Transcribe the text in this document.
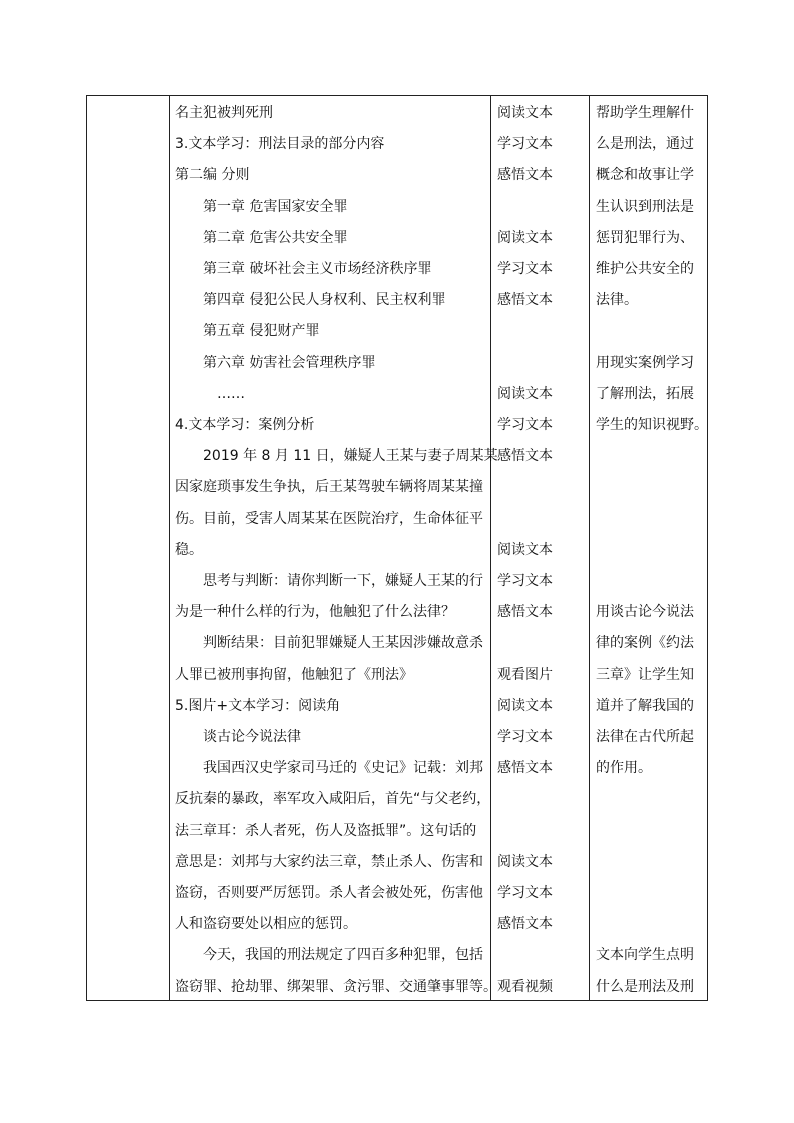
名主犯被判死刑
3.文本学习：刑法目录的部分内容
第二编 分则
第一章 危害国家安全罪
第二章 危害公共安全罪
第三章 破坏社会主义市场经济秩序罪
第四章 侵犯公民人身权利、民主权利罪
第五章 侵犯财产罪
第六章 妨害社会管理秩序罪
……
4.文本学习：案例分析
2019 年 8 月 11 日，嫌疑人王某与妻子周某某
因家庭琐事发生争执，后王某驾驶车辆将周某某撞
伤。目前，受害人周某某在医院治疗，生命体征平
稳。
思考与判断：请你判断一下，嫌疑人王某的行
为是一种什么样的行为，他触犯了什么法律？
判断结果：目前犯罪嫌疑人王某因涉嫌故意杀
人罪已被刑事拘留，他触犯了《刑法》
5.图片+文本学习：阅读角
谈古论今说法律
我国西汉史学家司马迁的《史记》记载：刘邦
反抗秦的暴政，率军攻入咸阳后，首先“与父老约，
法三章耳：杀人者死，伤人及盗抵罪”。这句话的
意思是：刘邦与大家约法三章，禁止杀人、伤害和
盗窃，否则要严厉惩罚。杀人者会被处死，伤害他
人和盗窃要处以相应的惩罚。
今天，我国的刑法规定了四百多种犯罪，包括
盗窃罪、抢劫罪、绑架罪、贪污罪、交通肇事罪等。
阅读文本
学习文本
感悟文本
阅读文本
学习文本
感悟文本
阅读文本
学习文本
感悟文本
阅读文本
学习文本
感悟文本
观看图片
阅读文本
学习文本
感悟文本
阅读文本
学习文本
感悟文本
观看视频
帮助学生理解什
么是刑法，通过
概念和故事让学
生认识到刑法是
惩罚犯罪行为、
维护公共安全的
法律。
用现实案例学习
了解刑法，拓展
学生的知识视野。
用谈古论今说法
律的案例《约法
三章》让学生知
道并了解我国的
法律在古代所起
的作用。
文本向学生点明
什么是刑法及刑
